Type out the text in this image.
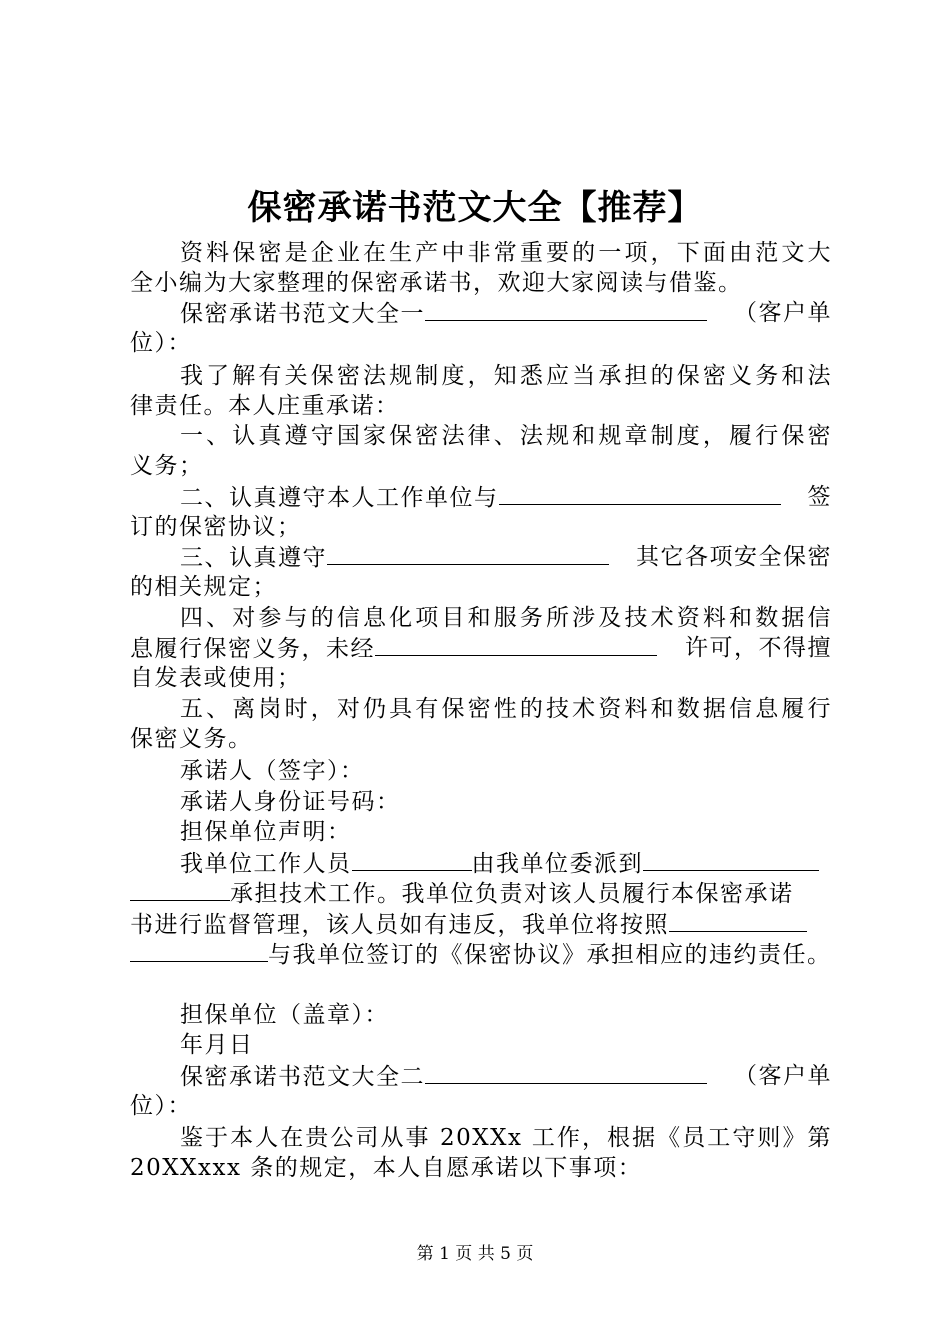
保密承诺书范文大全【推荐】
资料保密是企业在生产中非常重要的一项，下面由范文大
全小编为大家整理的保密承诺书，欢迎大家阅读与借鉴。
保密承诺书范文大全一	（客户单
位）：
我了解有关保密法规制度，知悉应当承担的保密义务和法
律责任。本人庄重承诺：
一、认真遵守国家保密法律、法规和规章制度，履行保密
义务；
二、认真遵守本人工作单位与	签
订的保密协议；
三、认真遵守	其它各项安全保密
的相关规定；
四、对参与的信息化项目和服务所涉及技术资料和数据信
息履行保密义务，未经	许可，不得擅
自发表或使用；
五、离岗时，对仍具有保密性的技术资料和数据信息履行
保密义务。
承诺人（签字）：
承诺人身份证号码：
担保单位声明：
我单位工作人员	由我单位委派到
承担技术工作。我单位负责对该人员履行本保密承诺
书进行监督管理，该人员如有违反，我单位将按照
与我单位签订的《保密协议》承担相应的违约责任。
担保单位（盖章）：
年月日
保密承诺书范文大全二	（客户单
位）：
鉴于本人在贵公司从事 20XXx 工作，根据《员工守则》第
20XXxxx 条的规定，本人自愿承诺以下事项：
第 1 页 共 5 页
